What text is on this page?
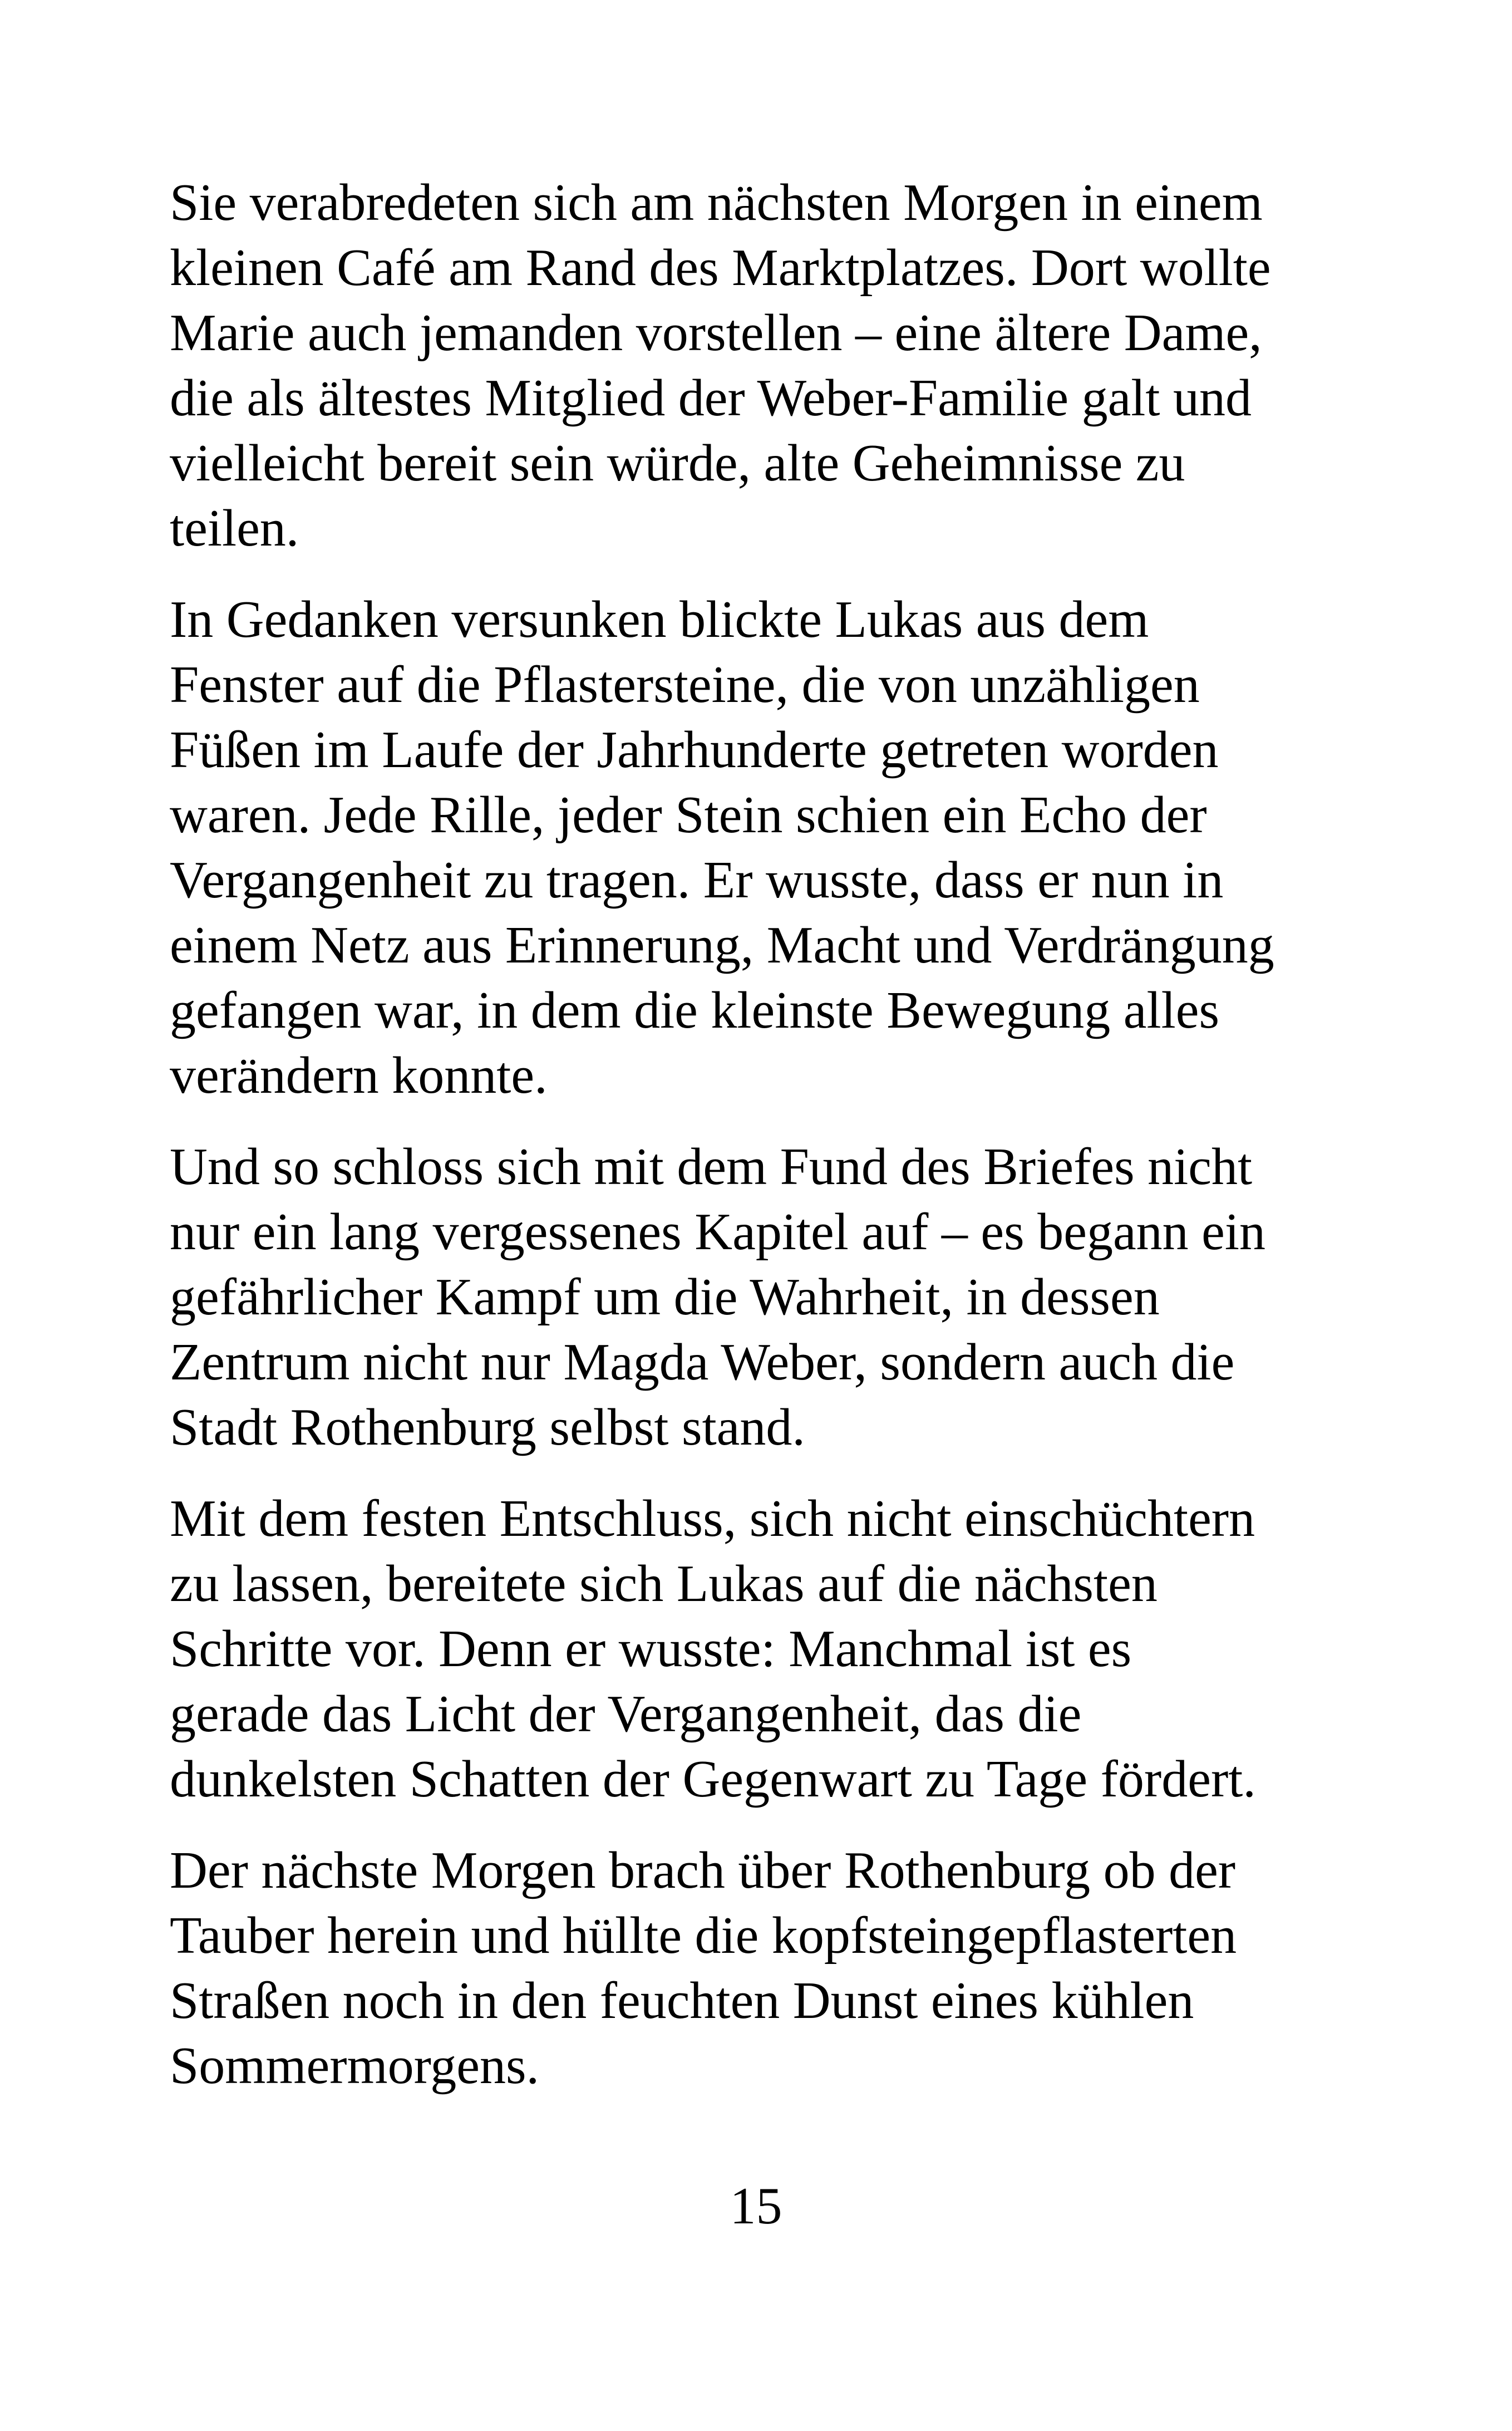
Sie verabredeten sich am nächsten Morgen in einem
kleinen Café am Rand des Marktplatzes. Dort wollte
Marie auch jemanden vorstellen – eine ältere Dame,
die als ältestes Mitglied der Weber-Familie galt und
vielleicht bereit sein würde, alte Geheimnisse zu
teilen.

In Gedanken versunken blickte Lukas aus dem
Fenster auf die Pflastersteine, die von unzähligen
Füßen im Laufe der Jahrhunderte getreten worden
waren. Jede Rille, jeder Stein schien ein Echo der
Vergangenheit zu tragen. Er wusste, dass er nun in
einem Netz aus Erinnerung, Macht und Verdrängung
gefangen war, in dem die kleinste Bewegung alles
verändern konnte.

Und so schloss sich mit dem Fund des Briefes nicht
nur ein lang vergessenes Kapitel auf – es begann ein
gefährlicher Kampf um die Wahrheit, in dessen
Zentrum nicht nur Magda Weber, sondern auch die
Stadt Rothenburg selbst stand.

Mit dem festen Entschluss, sich nicht einschüchtern
zu lassen, bereitete sich Lukas auf die nächsten
Schritte vor. Denn er wusste: Manchmal ist es
gerade das Licht der Vergangenheit, das die
dunkelsten Schatten der Gegenwart zu Tage fördert.

Der nächste Morgen brach über Rothenburg ob der
Tauber herein und hüllte die kopfsteingepflasterten
Straßen noch in den feuchten Dunst eines kühlen
Sommermorgens.

15
